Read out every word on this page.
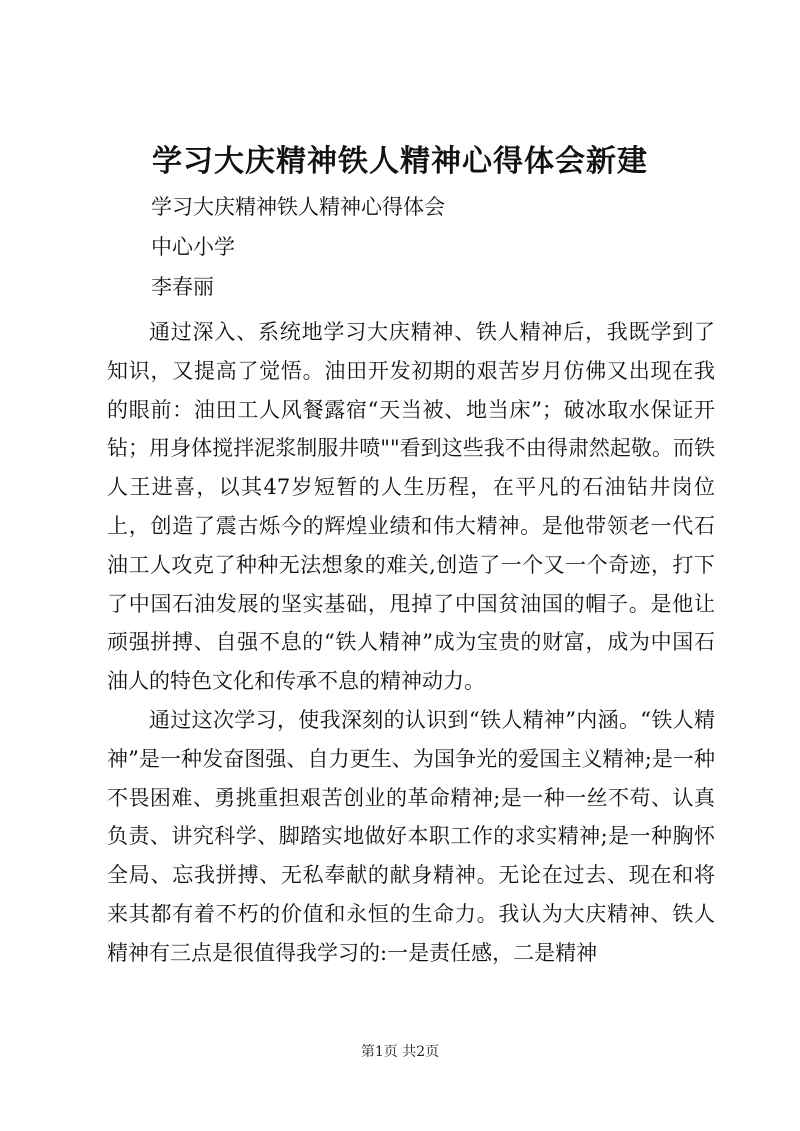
学习大庆精神铁人精神心得体会新建
学习大庆精神铁人精神心得体会
中心小学
李春丽

通过深入、系统地学习大庆精神、铁人精神后，我既学到了知识，又提高了觉悟。油田开发初期的艰苦岁月仿佛又出现在我的眼前：油田工人风餐露宿“天当被、地当床”；破冰取水保证开钻；用身体搅拌泥浆制服井喷""看到这些我不由得肃然起敬。而铁人王进喜，以其47岁短暂的人生历程，在平凡的石油钻井岗位上，创造了震古烁今的辉煌业绩和伟大精神。是他带领老一代石油工人攻克了种种无法想象的难关,创造了一个又一个奇迹，打下了中国石油发展的坚实基础，甩掉了中国贫油国的帽子。是他让顽强拼搏、自强不息的“铁人精神”成为宝贵的财富，成为中国石油人的特色文化和传承不息的精神动力。

通过这次学习，使我深刻的认识到“铁人精神”内涵。“铁人精神”是一种发奋图强、自力更生、为国争光的爱国主义精神;是一种不畏困难、勇挑重担艰苦创业的革命精神;是一种一丝不苟、认真负责、讲究科学、脚踏实地做好本职工作的求实精神;是一种胸怀全局、忘我拼搏、无私奉献的献身精神。无论在过去、现在和将来其都有着不朽的价值和永恒的生命力。我认为大庆精神、铁人精神有三点是很值得我学习的:一是责任感，二是精神

第1页 共2页
